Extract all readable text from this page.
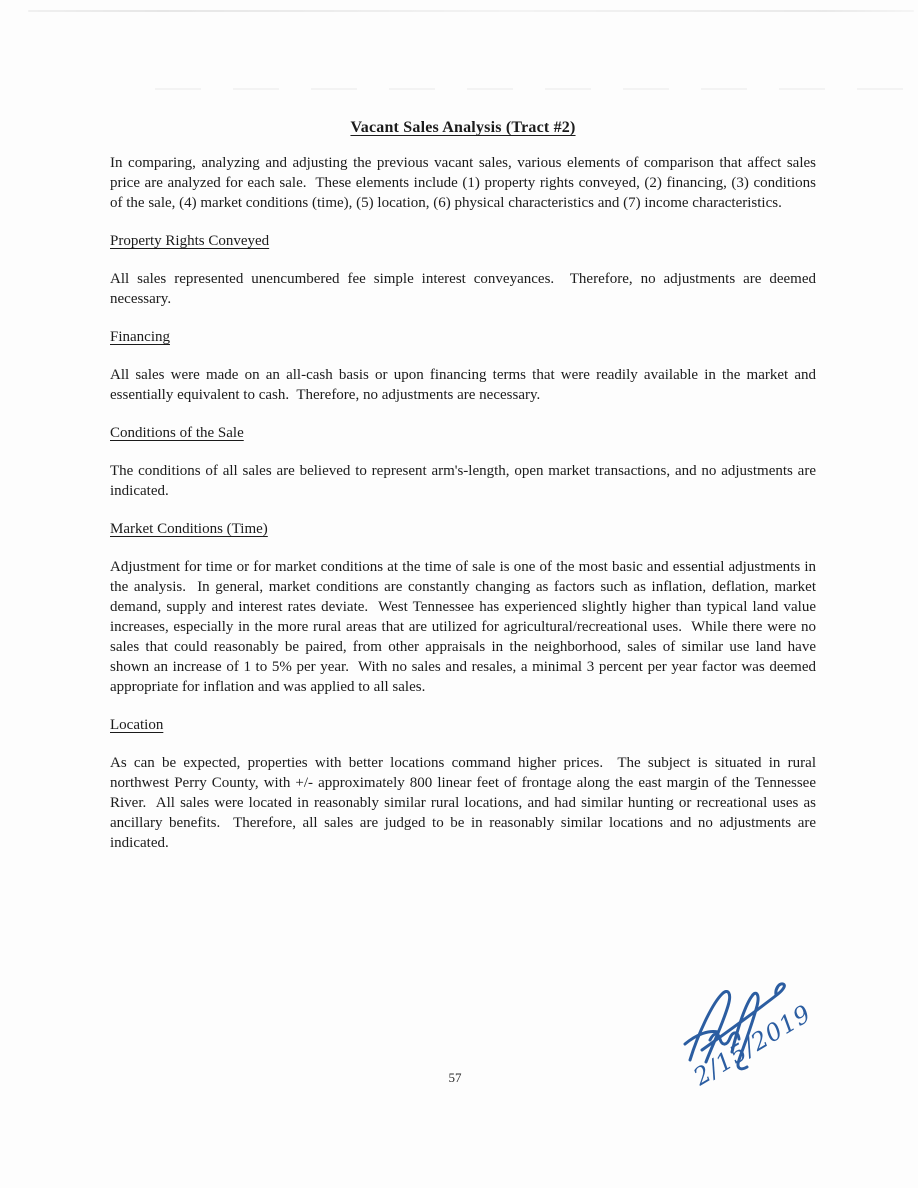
Vacant Sales Analysis (Tract #2)

In comparing, analyzing and adjusting the previous vacant sales, various elements of comparison that affect sales price are analyzed for each sale.  These elements include (1) property rights conveyed, (2) financing, (3) conditions of the sale, (4) market conditions (time), (5) location, (6) physical characteristics and (7) income characteristics.

Property Rights Conveyed

All sales represented unencumbered fee simple interest conveyances.  Therefore, no adjustments are deemed necessary.

Financing

All sales were made on an all-cash basis or upon financing terms that were readily available in the market and essentially equivalent to cash.  Therefore, no adjustments are necessary.

Conditions of the Sale

The conditions of all sales are believed to represent arm's-length, open market transactions, and no adjustments are indicated.

Market Conditions (Time)

Adjustment for time or for market conditions at the time of sale is one of the most basic and essential adjustments in the analysis.  In general, market conditions are constantly changing as factors such as inflation, deflation, market demand, supply and interest rates deviate.  West Tennessee has experienced slightly higher than typical land value increases, especially in the more rural areas that are utilized for agricultural/recreational uses.  While there were no sales that could reasonably be paired, from other appraisals in the neighborhood, sales of similar use land have shown an increase of 1 to 5% per year.  With no sales and resales, a minimal 3 percent per year factor was deemed appropriate for inflation and was applied to all sales.

Location

As can be expected, properties with better locations command higher prices.  The subject is situated in rural northwest Perry County, with +/- approximately 800 linear feet of frontage along the east margin of the Tennessee River.  All sales were located in reasonably similar rural locations, and had similar hunting or recreational uses as ancillary benefits.  Therefore, all sales are judged to be in reasonably similar locations and no adjustments are indicated.

2/15/2019
57
